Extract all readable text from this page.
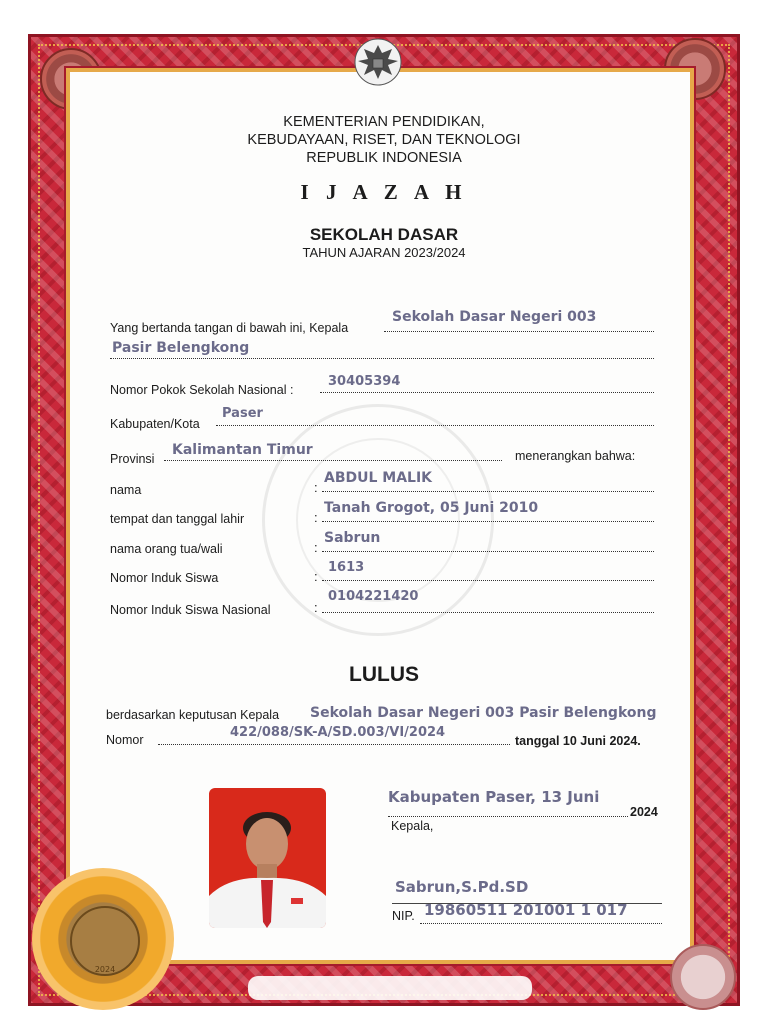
KEMENTERIAN PENDIDIKAN,
KEBUDAYAAN, RISET, DAN TEKNOLOGI
REPUBLIK INDONESIA
I J A Z A H
SEKOLAH DASAR
TAHUN AJARAN 2023/2024
Yang bertanda tangan di bawah ini, Kepala
Sekolah Dasar Negeri 003
Pasir Belengkong
Nomor Pokok Sekolah Nasional :
30405394
Kabupaten/Kota
Paser
Provinsi
Kalimantan Timur	menerangkan bahwa:
nama	:
ABDUL MALIK
tempat dan tanggal lahir	:
Tanah Grogot, 05 Juni 2010
nama orang tua/wali	:
Sabrun
Nomor Induk Siswa	:
1613
Nomor Induk Siswa Nasional	:
0104221420
LULUS
berdasarkan keputusan Kepala Sekolah Dasar Negeri 003 Pasir Belengkong
Nomor	422/088/SK-A/SD.003/VI/2024
tanggal 10 Juni 2024.
Kabupaten Paser, 13 Juni
2024
Kepala,
Sabrun,S.Pd.SD
NIP. 19860511 201001 1 017
2024
